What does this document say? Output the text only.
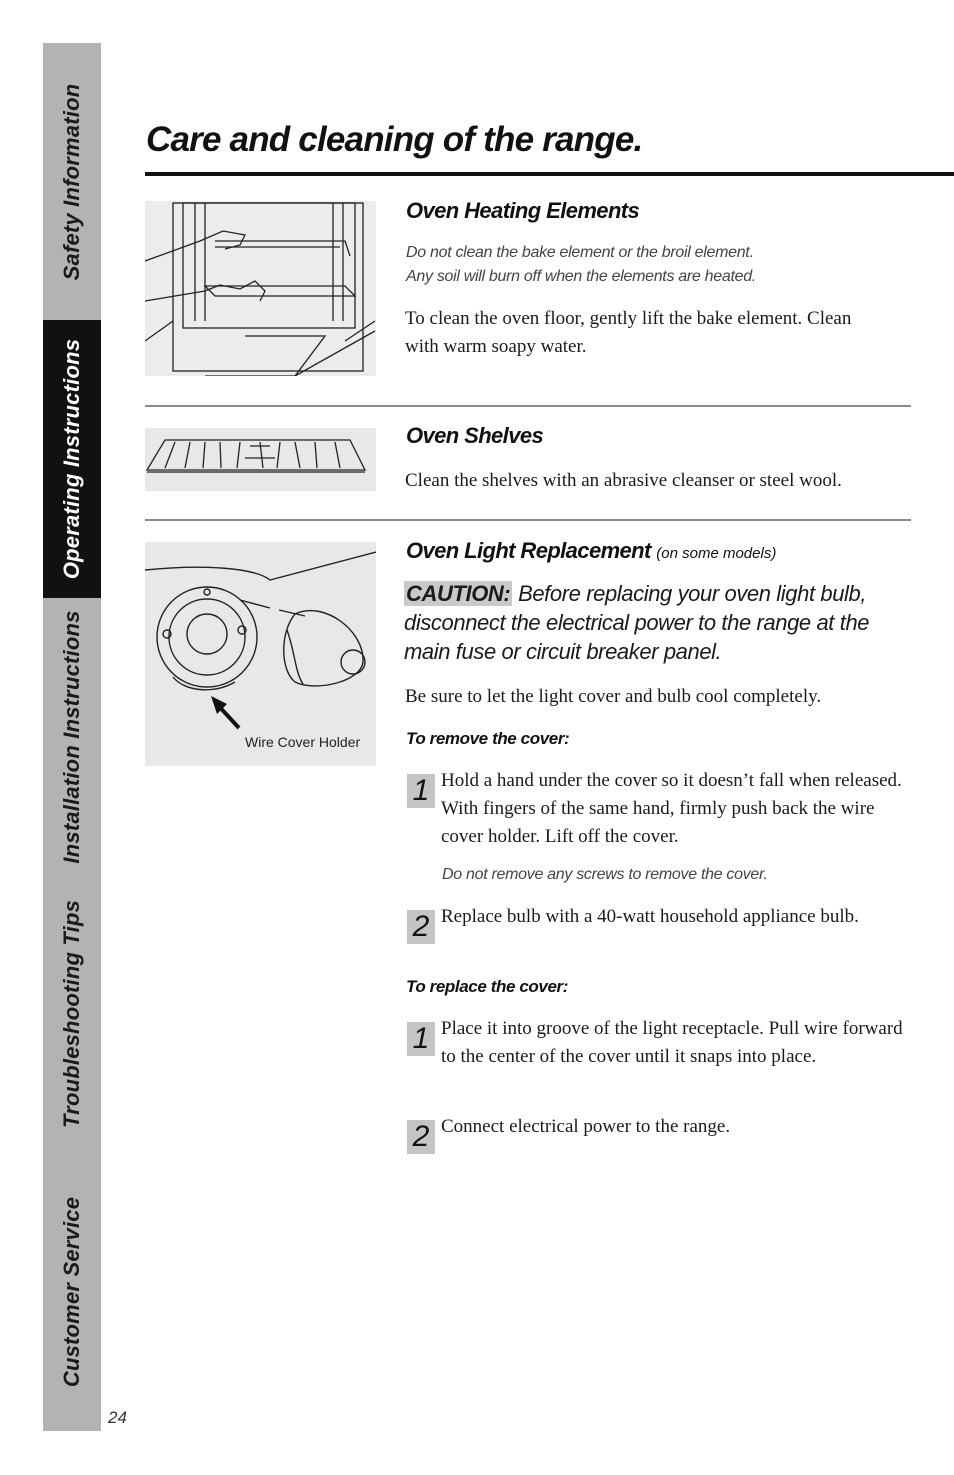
Safety Information
Operating Instructions
Installation Instructions
Troubleshooting Tips
Customer Service
24
Care and cleaning of the range.
Oven Heating Elements
Do not clean the bake element or the broil element.
Any soil will burn off when the elements are heated.
To clean the oven floor, gently lift the bake element. Clean with warm soapy water.
Oven Shelves
Clean the shelves with an abrasive cleanser or steel wool.
Wire Cover Holder
Oven Light Replacement (on some models)
CAUTION: Before replacing your oven light bulb, disconnect the electrical power to the range at the main fuse or circuit breaker panel.
Be sure to let the light cover and bulb cool completely.
To remove the cover:
1 Hold a hand under the cover so it doesn’t fall when released. With fingers of the same hand, firmly push back the wire cover holder. Lift off the cover.
Do not remove any screws to remove the cover.
2 Replace bulb with a 40-watt household appliance bulb.
To replace the cover:
1 Place it into groove of the light receptacle. Pull wire forward to the center of the cover until it snaps into place.
2 Connect electrical power to the range.
